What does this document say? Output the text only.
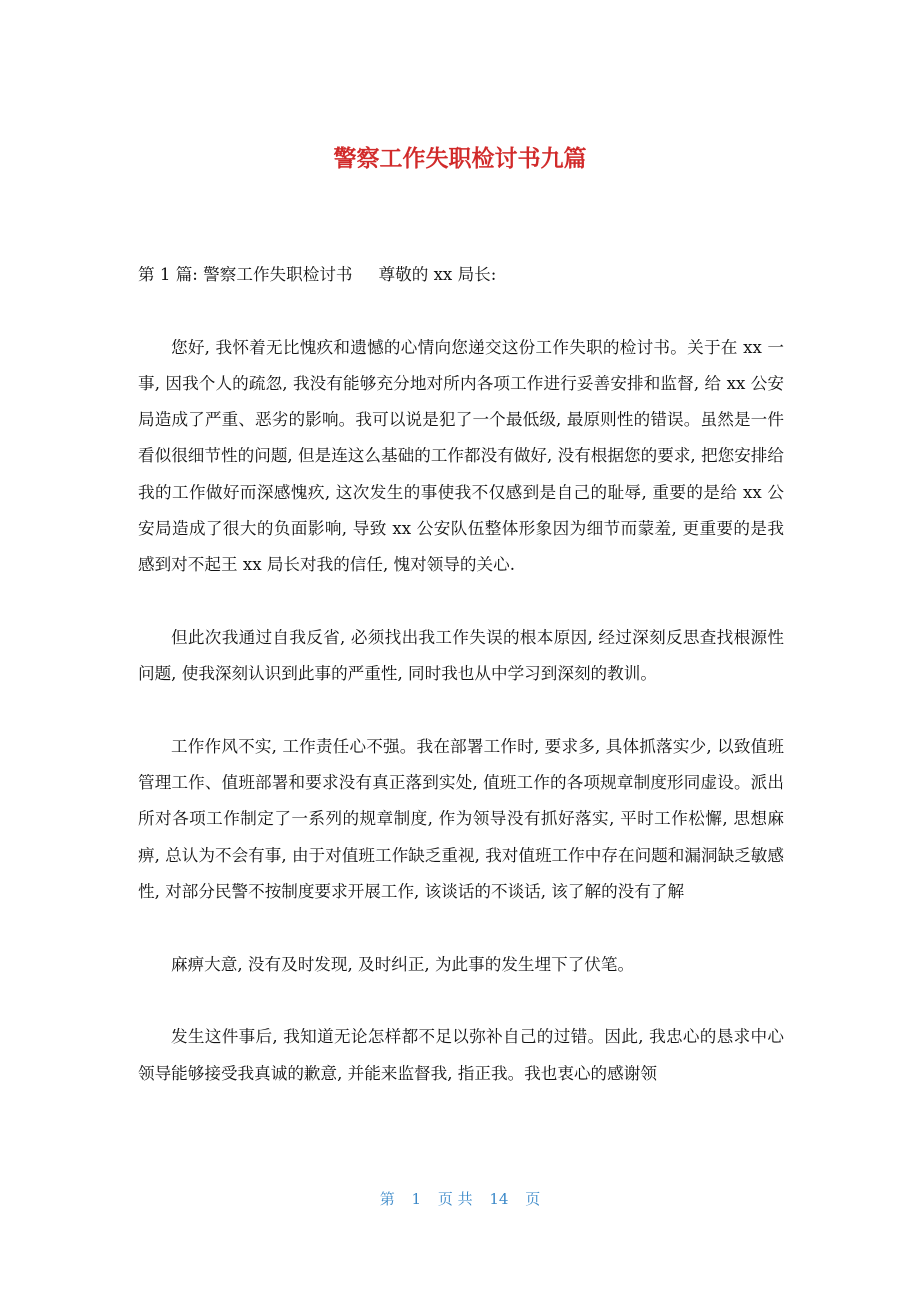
警察工作失职检讨书九篇

第 1 篇: 警察工作失职检讨书 尊敬的 xx 局长:

您好, 我怀着无比愧疚和遗憾的心情向您递交这份工作失职的检讨书。关于在 xx 一事, 因我个人的疏忽, 我没有能够充分地对所内各项工作进行妥善安排和监督, 给 xx 公安局造成了严重、恶劣的影响。我可以说是犯了一个最低级, 最原则性的错误。虽然是一件看似很细节性的问题, 但是连这么基础的工作都没有做好, 没有根据您的要求, 把您安排给我的工作做好而深感愧疚, 这次发生的事使我不仅感到是自己的耻辱, 重要的是给 xx 公安局造成了很大的负面影响, 导致 xx 公安队伍整体形象因为细节而蒙羞, 更重要的是我感到对不起王 xx 局长对我的信任, 愧对领导的关心.

但此次我通过自我反省, 必须找出我工作失误的根本原因, 经过深刻反思查找根源性问题, 使我深刻认识到此事的严重性, 同时我也从中学习到深刻的教训。

工作作风不实, 工作责任心不强。我在部署工作时, 要求多, 具体抓落实少, 以致值班管理工作、值班部署和要求没有真正落到实处, 值班工作的各项规章制度形同虚设。派出所对各项工作制定了一系列的规章制度, 作为领导没有抓好落实, 平时工作松懈, 思想麻痹, 总认为不会有事, 由于对值班工作缺乏重视, 我对值班工作中存在问题和漏洞缺乏敏感性, 对部分民警不按制度要求开展工作, 该谈话的不谈话, 该了解的没有了解

麻痹大意, 没有及时发现, 及时纠正, 为此事的发生埋下了伏笔。

发生这件事后, 我知道无论怎样都不足以弥补自己的过错。因此, 我忠心的恳求中心领导能够接受我真诚的歉意, 并能来监督我, 指正我。我也衷心的感谢领

第 1 页 共 14 页
